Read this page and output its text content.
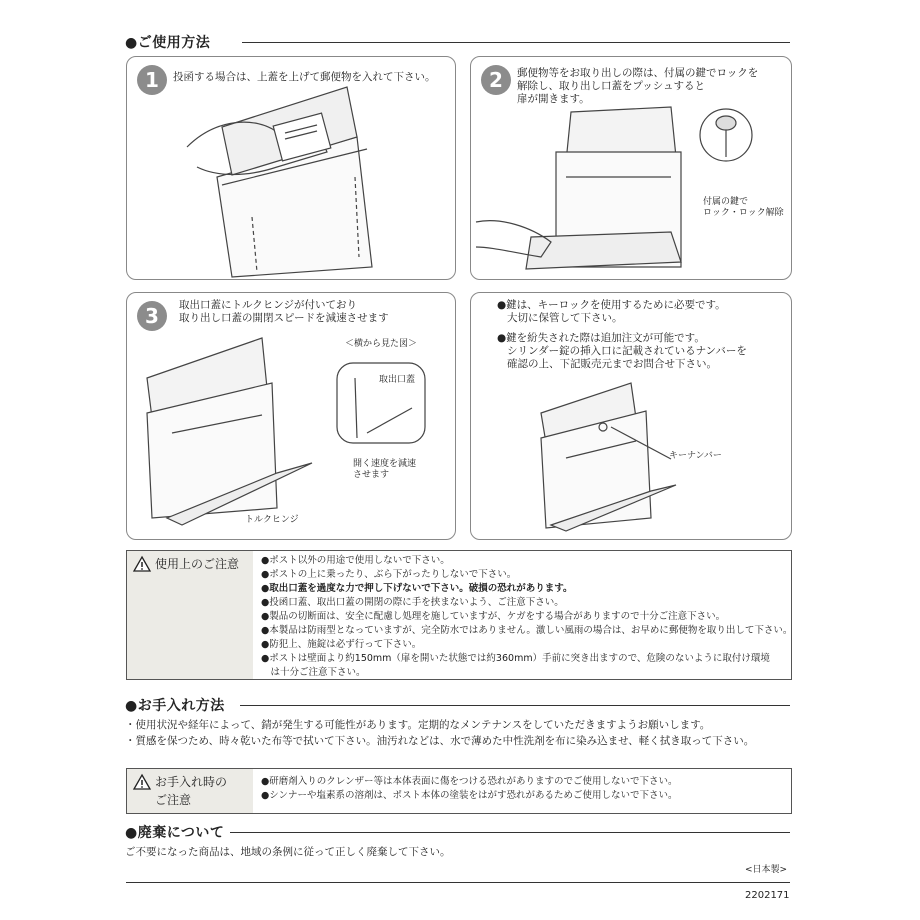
●ご使用方法
1	投函する場合は、上蓋を上げて郵便物を入れて下さい。	2	郵便物等をお取り出しの際は、付属の鍵でロックを
解除し、取り出し口蓋をプッシュすると
扉が開きます。
付属の鍵で
ロック・ロック解除
3	取出口蓋にトルクヒンジが付いており
取り出し口蓋の開閉スピードを減速させます
＜横から見た図＞
取出口蓋
開く速度を減速
させます
トルクヒンジ
●鍵は、キーロックを使用するために必要です。
大切に保管して下さい。
●鍵を紛失された際は追加注文が可能です。
シリンダー錠の挿入口に記載されているナンバーを
確認の上、下記販売元までお問合せ下さい。
キーナンバー
使用上のご注意 ●ポスト以外の用途で使用しないで下さい。
●ポストの上に乗ったり、ぶら下がったりしないで下さい。
●取出口蓋を過度な力で押し下げないで下さい。破損の恐れがあります。
●投函口蓋、取出口蓋の開閉の際に手を挟まないよう、ご注意下さい。
●製品の切断面は、安全に配慮し処理を施していますが、ケガをする場合がありますので十分ご注意下さい。
●本製品は防雨型となっていますが、完全防水ではありません。激しい風雨の場合は、お早めに郵便物を取り出して下さい。
●防犯上、施錠は必ず行って下さい。
●ポストは壁面より約150mm（扉を開いた状態では約360mm）手前に突き出ますので、危険のないように取付け環境
　は十分ご注意下さい。
●お手入れ方法
・使用状況や経年によって、錆が発生する可能性があります。定期的なメンテナンスをしていただきますようお願いします。
・質感を保つため、時々乾いた布等で拭いて下さい。油汚れなどは、水で薄めた中性洗剤を布に染み込ませ、軽く拭き取って下さい。
お手入れ時の
ご注意
●研磨剤入りのクレンザー等は本体表面に傷をつける恐れがありますのでご使用しないで下さい。
●シンナーや塩素系の溶剤は、ポスト本体の塗装をはがす恐れがあるためご使用しないで下さい。
●廃棄について
ご不要になった商品は、地域の条例に従って正しく廃棄して下さい。
<日本製>
2202171
